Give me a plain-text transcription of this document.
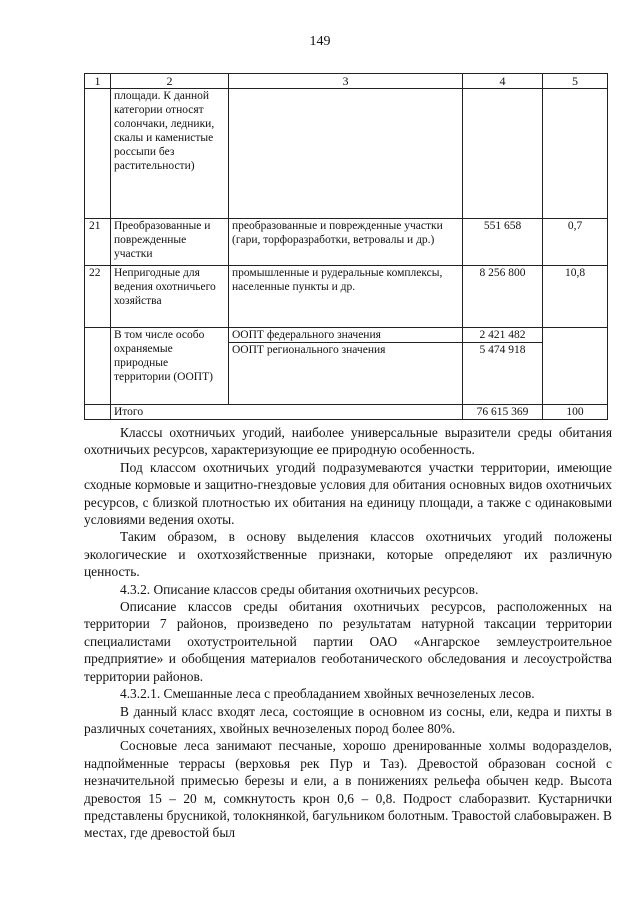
149
1	2	3	4	5
	площади. К данной категории относят солончаки, ледники, скалы и каменистые россыпи без растительности)			
21	Преобразованные и поврежденные участки	преобразованные и поврежденные участки (гари, торфоразработки, ветровалы и др.)	551 658	0,7
22	Непригодные для ведения охотничьего хозяйства	промышленные и рудеральные комплексы, населенные пункты и др.	8 256 800	10,8
	В том числе особо охраняемые природные территории (ООПТ)	ООПТ федерального значения	2 421 482	
		ООПТ регионального значения	5 474 918	
	Итого		76 615 369	100

Классы охотничьих угодий, наиболее универсальные выразители среды обитания охотничьих ресурсов, характеризующие ее природную особенность.

Под классом охотничьих угодий подразумеваются участки территории, имеющие сходные кормовые и защитно-гнездовые условия для обитания основных видов охотничьих ресурсов, с близкой плотностью их обитания на единицу площади, а также с одинаковыми условиями ведения охоты.

Таким образом, в основу выделения классов охотничьих угодий положены экологические и охотхозяйственные признаки, которые определяют их различную ценность.

4.3.2. Описание классов среды обитания охотничьих ресурсов.

Описание классов среды обитания охотничьих ресурсов, расположенных на территории 7 районов, произведено по результатам натурной таксации территории специалистами охотустроительной партии ОАО «Ангарское землеустроительное предприятие» и обобщения материалов геоботанического обследования и лесоустройства территории районов.

4.3.2.1. Смешанные леса с преобладанием хвойных вечнозеленых лесов.

В данный класс входят леса, состоящие в основном из сосны, ели, кедра и пихты в различных сочетаниях, хвойных вечнозеленых пород более 80%.

Сосновые леса занимают песчаные, хорошо дренированные холмы водоразделов, надпойменные террасы (верховья рек Пур и Таз). Древостой образован сосной с незначительной примесью березы и ели, а в понижениях рельефа обычен кедр. Высота древостоя 15 – 20 м, сомкнутость крон 0,6 – 0,8. Подрост слаборазвит. Кустарнички представлены брусникой, толокнянкой, багульником болотным. Травостой слабовыражен. В местах, где древостой был
